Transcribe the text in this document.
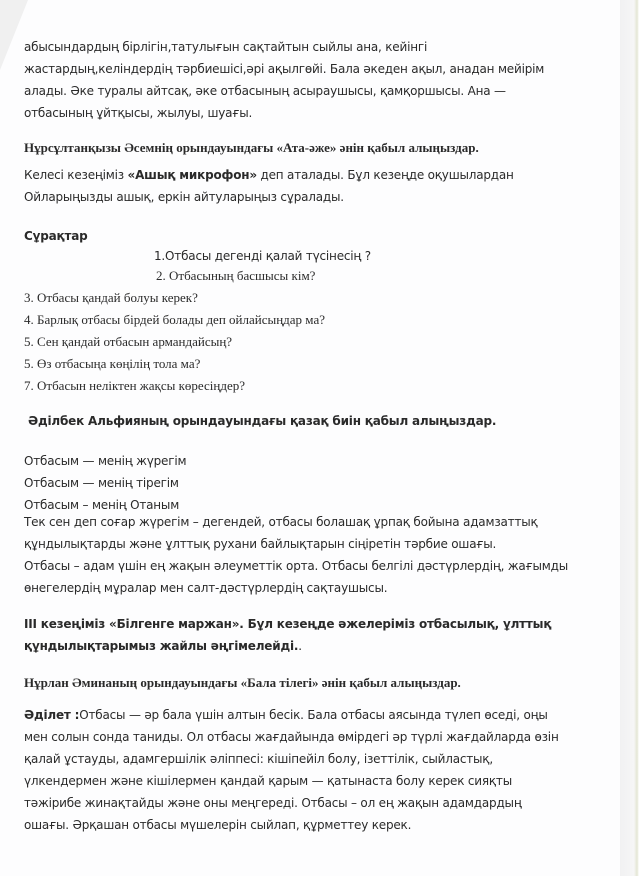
абысындардың бірлігін,татулығын сақтайтын сыйлы ана, кейінгі
жастардың,келіндердің тәрбиешісі,әрі ақылгөйі. Бала әкеден ақыл, анадан мейірім
алады. Әке туралы айтсақ, әке отбасының асыраушысы, қамқоршысы. Ана —
отбасының ұйтқысы, жылуы, шуағы.
Нұрсұлтанқызы Әсемнің орындауындағы «Ата-әже» әнін қабыл алыңыздар.
Келесі кезеңіміз «Ашық микрофон» деп аталады. Бұл кезеңде оқушылардан
Ойларыңызды ашық, еркін айтуларыңыз сұралады.
Сұрақтар
1.Отбасы дегенді қалай түсінесің ?
2. Отбасының басшысы кім?
3. Отбасы қандай болуы керек?
4. Барлық отбасы бірдей болады деп ойлайсыңдар ма?
5. Сен қандай отбасын армандайсың?
5. Өз отбасыңа көңілің тола ма?
7. Отбасын неліктен жақсы көресіңдер?
Әділбек Альфияның орындауындағы қазақ биін қабыл алыңыздар.
Отбасым — менің жүрегім
Отбасым — менің тірегім
Отбасым – менің Отаным
Тек сен деп соғар жүрегім – дегендей, отбасы болашақ ұрпақ бойына адамзаттық
құндылықтарды және ұлттық рухани байлықтарын сіңіретін тәрбие ошағы.
Отбасы – адам үшін ең жақын әлеуметтік орта. Отбасы белгілі дәстүрлердің, жағымды
өнегелердің мұралар мен салт-дәстүрлердің сақтаушысы.
ІІІ кезеңіміз «Білгенге маржан». Бұл кезеңде әжелеріміз отбасылық, ұлттық
құндылықтарымыз жайлы әңгімелейді..
Нұрлан Әминаның орындауындағы «Бала тілегі» әнін қабыл алыңыздар.
Әділет :Отбасы — әр бала үшін алтын бесік. Бала отбасы аясында түлеп өседі, оңы
мен солын сонда таниды. Ол отбасы жағдайында өмірдегі әр түрлі жағдайларда өзін
қалай ұстауды, адамгершілік әліппесі: кішіпейіл болу, ізеттілік, сыйластық,
үлкендермен және кішілермен қандай қарым — қатынаста болу керек сияқты
тәжірибе жинақтайды және оны меңгереді. Отбасы – ол ең жақын адамдардың
ошағы. Әрқашан отбасы мүшелерін сыйлап, құрметтеу керек.
